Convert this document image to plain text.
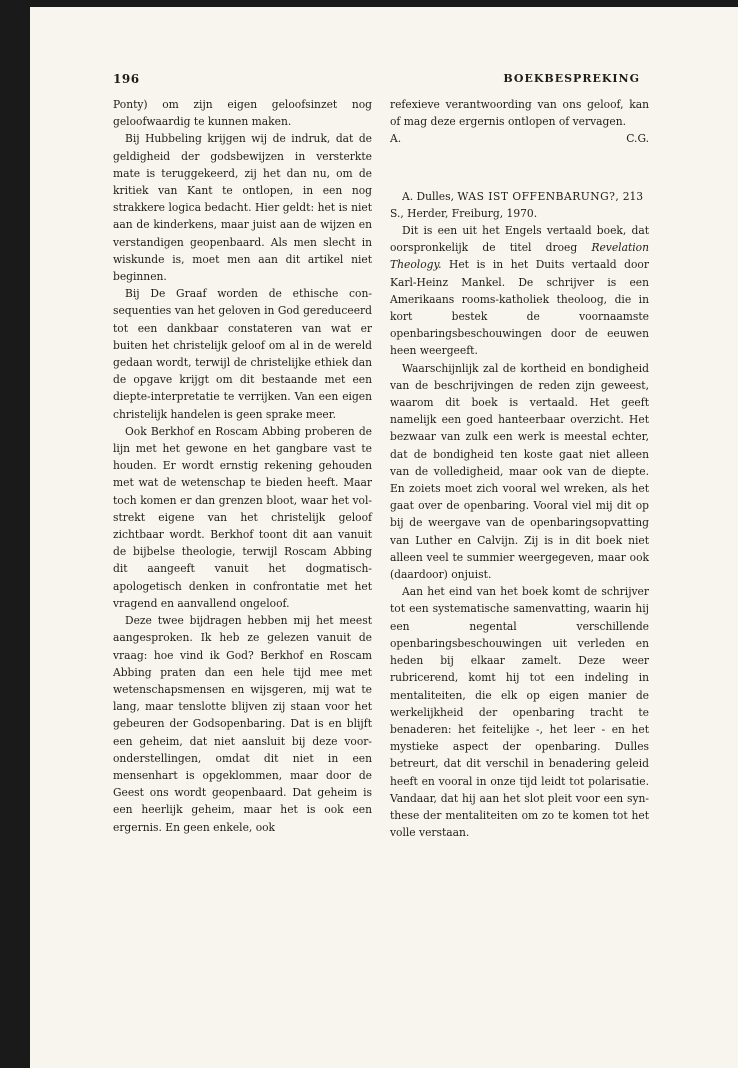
196	BOEKBESPREKING

Ponty) om zijn eigen geloofsinzet nog geloofwaardig te kunnen maken.

Bij Hubbeling krijgen wij de indruk, dat de geldigheid der godsbewijzen in versterkte mate is teruggekeerd, zij het dan nu, om de kritiek van Kant te ontlopen, in een nog strakkere logica bedacht. Hier geldt: het is niet aan de kinderkens, maar juist aan de wijzen en verstandigen geopenbaard. Als men slecht in wiskunde is, moet men aan dit artikel niet beginnen.

Bij De Graaf worden de ethische consequenties van het geloven in God gereduceerd tot een dankbaar constateren van wat er buiten het christelijk geloof om al in de wereld gedaan wordt, terwijl de christelijke ethiek dan de opgave krijgt om dit bestaande met een diepte-interpretatie te verrijken. Van een eigen christelijk handelen is geen sprake meer.

Ook Berkhof en Roscam Abbing proberen de lijn met het gewone en het gangbare vast te houden. Er wordt ernstig rekening gehouden met wat de wetenschap te bieden heeft. Maar toch komen er dan grenzen bloot, waar het volstrekt eigene van het christelijk geloof zichtbaar wordt. Berkhof toont dit aan vanuit de bijbelse theologie, terwijl Roscam Abbing dit aangeeft vanuit het dogmatisch-apologetisch denken in confrontatie met het vragend en aanvallend ongeloof.

Deze twee bijdragen hebben mij het meest aangesproken. Ik heb ze gelezen vanuit de vraag: hoe vind ik God? Berkhof en Roscam Abbing praten dan een hele tijd mee met wetenschapsmensen en wijsgeren, mij wat te lang, maar tenslotte blijven zij staan voor het gebeuren der Godsopenbaring. Dat is en blijft een geheim, dat niet aansluit bij deze vooronderstellingen, omdat dit niet in een mensenhart is opgeklommen, maar door de Geest ons wordt geopenbaard. Dat geheim is een heerlijk geheim, maar het is ook een ergernis. En geen enkele, ook

refexieve verantwoording van ons geloof, kan of mag deze ergernis ontlopen of vervagen.

A.	C.G.

A. Dulles, WAS IST OFFENBARUNG?, 213 S., Herder, Freiburg, 1970.

Dit is een uit het Engels vertaald boek, dat oorspronkelijk de titel droeg Revelation Theology. Het is in het Duits vertaald door Karl-Heinz Mankel. De schrijver is een Amerikaans rooms-katholiek theoloog, die in kort bestek de voornaamste openbaringsbeschouwingen door de eeuwen heen weergeeft.

Waarschijnlijk zal de kortheid en bondigheid van de beschrijvingen de reden zijn geweest, waarom dit boek is vertaald. Het geeft namelijk een goed hanteerbaar overzicht. Het bezwaar van zulk een werk is meestal echter, dat de bondigheid ten koste gaat niet alleen van de volledigheid, maar ook van de diepte. En zoiets moet zich vooral wel wreken, als het gaat over de openbaring. Vooral viel mij dit op bij de weergave van de openbaringsopvatting van Luther en Calvijn. Zij is in dit boek niet alleen veel te summier weergegeven, maar ook (daardoor) onjuist.

Aan het eind van het boek komt de schrijver tot een systematische samenvatting, waarin hij een negental verschillende openbaringsbeschouwingen uit verleden en heden bij elkaar zamelt. Deze weer rubricerend, komt hij tot een indeling in mentaliteiten, die elk op eigen manier de werkelijkheid der openbaring tracht te benaderen: het feitelijke -, het leer - en het mystieke aspect der openbaring. Dulles betreurt, dat dit verschil in benadering geleid heeft en vooral in onze tijd leidt tot polarisatie. Vandaar, dat hij aan het slot pleit voor een synthese der mentaliteiten om zo te komen tot het volle verstaan.
